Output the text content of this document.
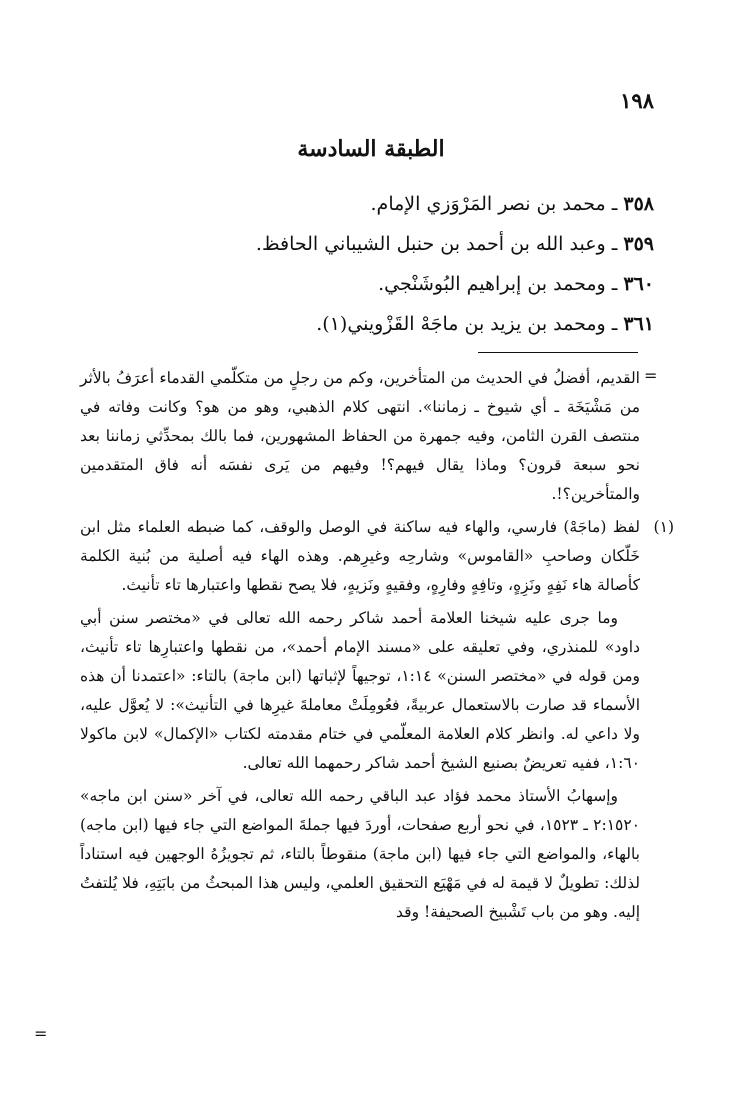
١٩٨
الطبقة السادسة
٣٥٨ ـ محمد بن نصر المَرْوَزي الإمام.
٣٥٩ ـ وعبد الله بن أحمد بن حنبل الشيباني الحافظ.
٣٦٠ ـ ومحمد بن إبراهيم البُوشَنْجي.
٣٦١ ـ ومحمد بن يزيد بن ماجَهْ القَزْويني(١).
=

القديم، أفضلُ في الحديث من المتأخرين، وكم من رجلٍ من متكلّمي القدماء أعرَفُ بالأثر من مَشْيَخَة ـ أي شيوخ ـ زماننا». انتهى كلام الذهبي، وهو من هو؟ وكانت وفاته في منتصف القرن الثامن، وفيه جمهرة من الحفاظ المشهورين، فما بالك بمحدِّثي زماننا بعد نحو سبعة قرون؟ وماذا يقال فيهم؟! وفيهم من يَرى نفسَه أنه فاق المتقدمين والمتأخرين؟!.

(١)

لفظ (ماجَهْ) فارسي، والهاء فيه ساكنة في الوصل والوقف، كما ضبطه العلماء مثل ابن خَلّكان وصاحبِ «القاموس» وشارحِه وغيرِهم. وهذه الهاء فيه أصلية من بُنية الكلمة كأصالة هاء نَفِهٍ ونَزِهٍ، وتافِهٍ وفارِهٍ، وفقيهٍ ونَزيهٍ، فلا يصح نقطها واعتبارها تاء تأنيث.

وما جرى عليه شيخنا العلامة أحمد شاكر رحمه الله تعالى في «مختصر سنن أبي داود» للمنذري، وفي تعليقه على «مسند الإمام أحمد»، من نقطها واعتبارِها تاء تأنيث، ومن قوله في «مختصر السنن» ١:١٤، توجيهاً لإثباتها (ابن ماجة) بالتاء: «اعتمدنا أن هذه الأسماء قد صارت بالاستعمال عربيةً، فعُومِلَتْ معاملةَ غيرِها في التأنيث»: لا يُعوَّل عليه، ولا داعي له. وانظر كلام العلامة المعلّمي في ختام مقدمته لكتاب «الإكمال» لابن ماكولا ١:٦٠، ففيه تعريضٌ بصنيع الشيخ أحمد شاكر رحمهما الله تعالى.

وإسهابُ الأستاذ محمد فؤاد عبد الباقي رحمه الله تعالى، في آخر «سنن ابن ماجه» ٢:١٥٢٠ ـ ١٥٢٣، في نحو أربع صفحات، أوردَ فيها جملةَ المواضع التي جاء فيها (ابن ماجه) بالهاء، والمواضع التي جاء فيها (ابن ماجة) منقوطاً بالتاء، ثم تجويزُهُ الوجهين فيه استناداً لذلك: تطويلٌ لا قيمة له في مَهْيَع التحقيق العلمي، وليس هذا المبحثُ من بابَتِهِ، فلا يُلتفتُ إليه. وهو من باب تَشْبيخ الصحيفة! وقد

=
